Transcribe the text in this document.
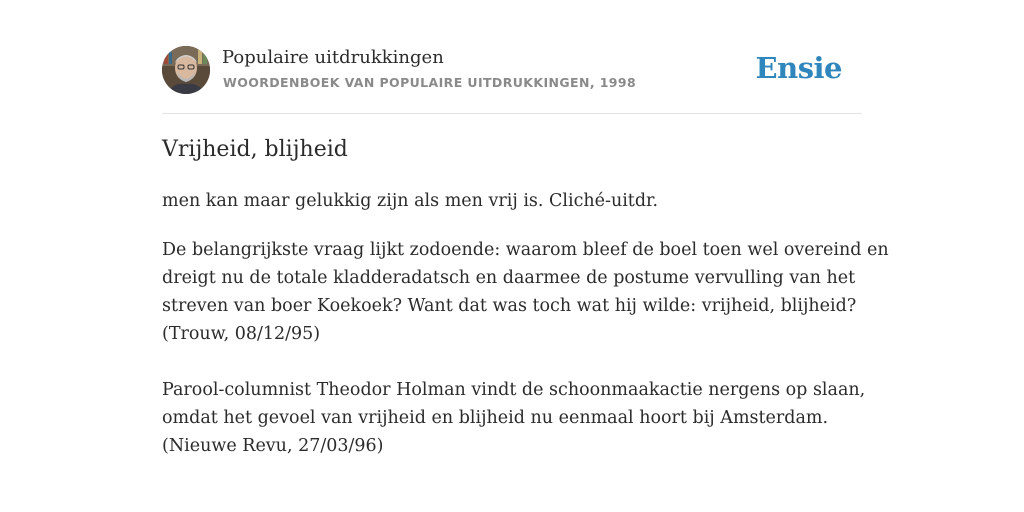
Populaire uitdrukkingen
WOORDENBOEK VAN POPULAIRE UITDRUKKINGEN, 1998	Ensie
Vrijheid, blijheid
men kan maar gelukkig zijn als men vrij is. Cliché-uitdr.
De belangrijkste vraag lijkt zodoende: waarom bleef de boel toen wel overeind en
dreigt nu de totale kladderadatsch en daarmee de postume vervulling van het
streven van boer Koekoek? Want dat was toch wat hij wilde: vrijheid, blijheid?
(Trouw, 08/12/95)
Parool-columnist Theodor Holman vindt de schoonmaakactie nergens op slaan,
omdat het gevoel van vrijheid en blijheid nu eenmaal hoort bij Amsterdam.
(Nieuwe Revu, 27/03/96)
